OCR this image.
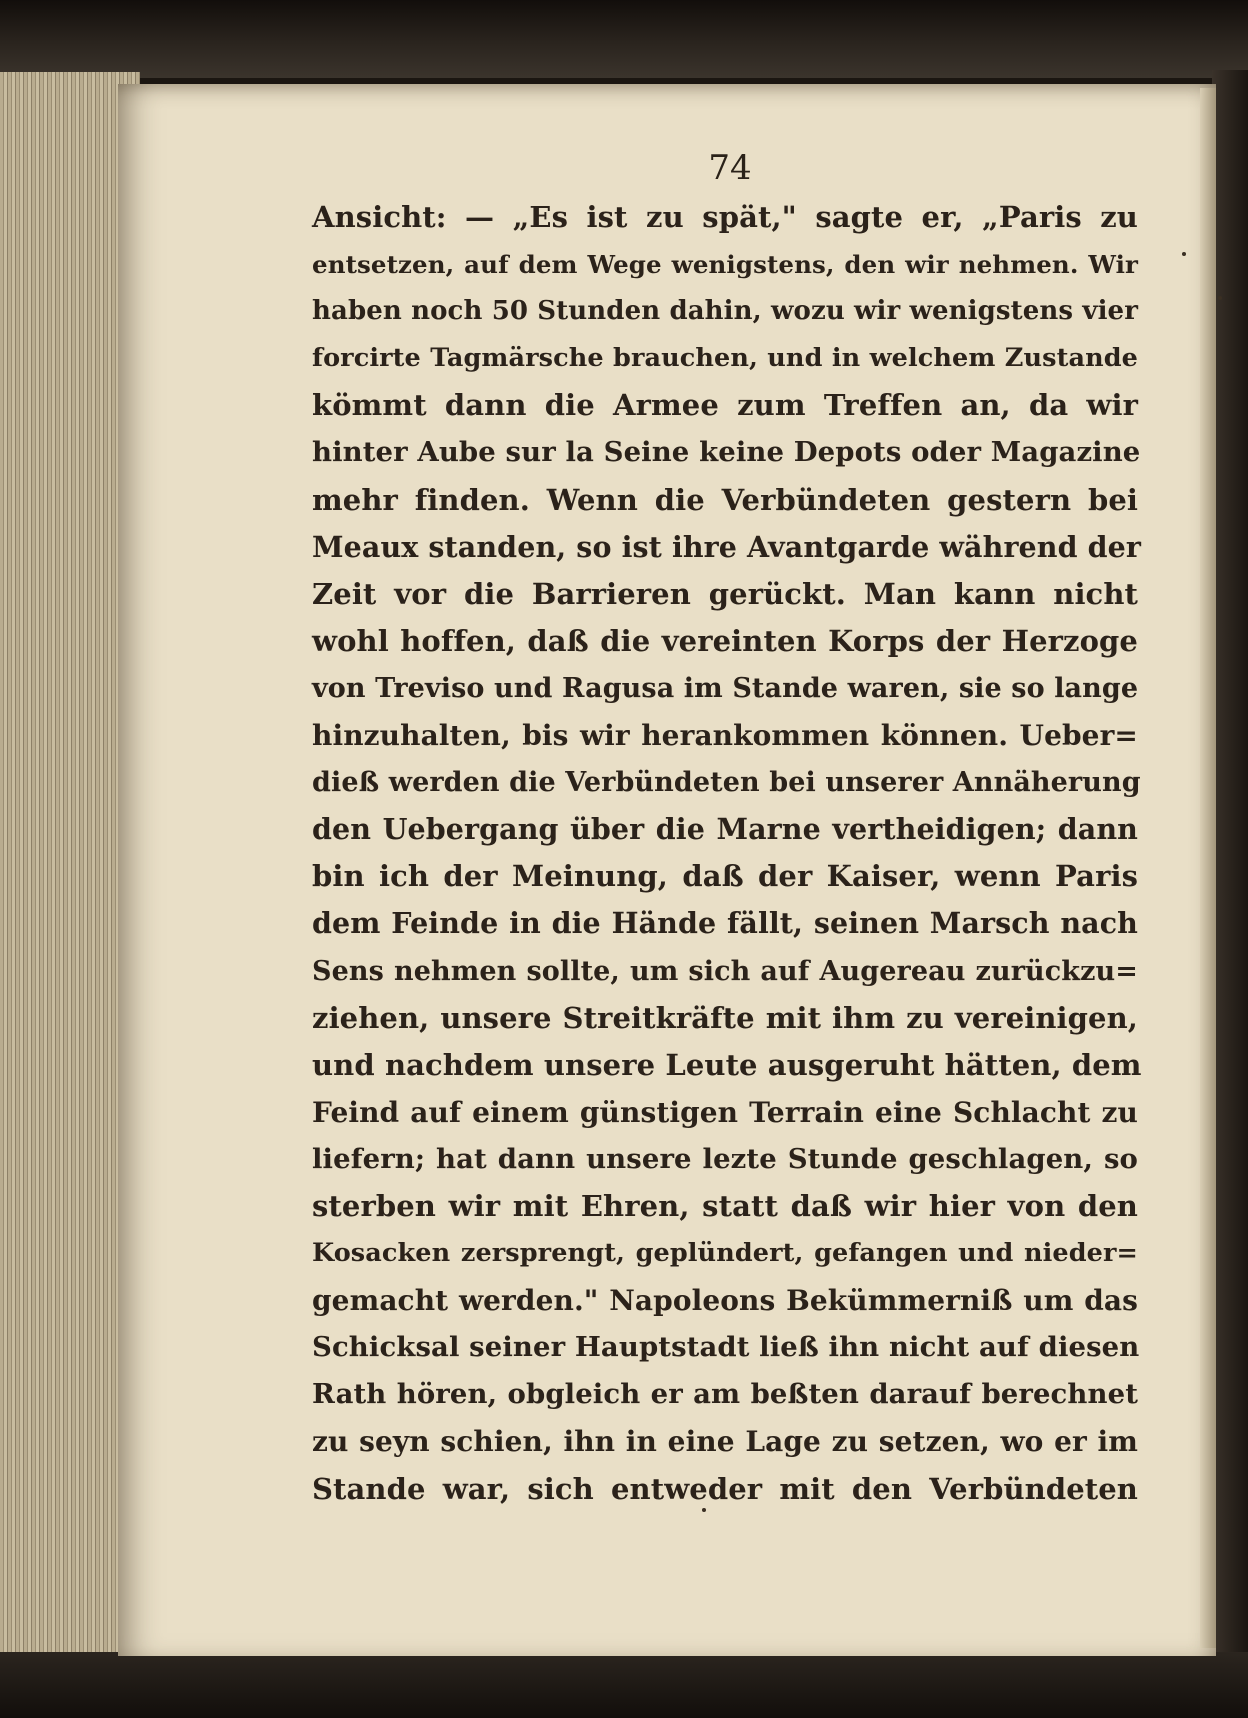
74

Ansicht: — „Es ist zu spät," sagte er, „Paris zu
entsetzen, auf dem Wege wenigstens, den wir nehmen. Wir
haben noch 50 Stunden dahin, wozu wir wenigstens vier
forcirte Tagmärsche brauchen, und in welchem Zustande
kömmt dann die Armee zum Treffen an, da wir
hinter Aube sur la Seine keine Depots oder Magazine
mehr finden. Wenn die Verbündeten gestern bei
Meaux standen, so ist ihre Avantgarde während der
Zeit vor die Barrieren gerückt. Man kann nicht
wohl hoffen, daß die vereinten Korps der Herzoge
von Treviso und Ragusa im Stande waren, sie so lange
hinzuhalten, bis wir herankommen können. Ueber=
dieß werden die Verbündeten bei unserer Annäherung
den Uebergang über die Marne vertheidigen; dann
bin ich der Meinung, daß der Kaiser, wenn Paris
dem Feinde in die Hände fällt, seinen Marsch nach
Sens nehmen sollte, um sich auf Augereau zurückzu=
ziehen, unsere Streitkräfte mit ihm zu vereinigen,
und nachdem unsere Leute ausgeruht hätten, dem
Feind auf einem günstigen Terrain eine Schlacht zu
liefern; hat dann unsere lezte Stunde geschlagen, so
sterben wir mit Ehren, statt daß wir hier von den
Kosacken zersprengt, geplündert, gefangen und nieder=
gemacht werden." Napoleons Bekümmerniß um das
Schicksal seiner Hauptstadt ließ ihn nicht auf diesen
Rath hören, obgleich er am beßten darauf berechnet
zu seyn schien, ihn in eine Lage zu setzen, wo er im
Stande war, sich entweder mit den Verbündeten
